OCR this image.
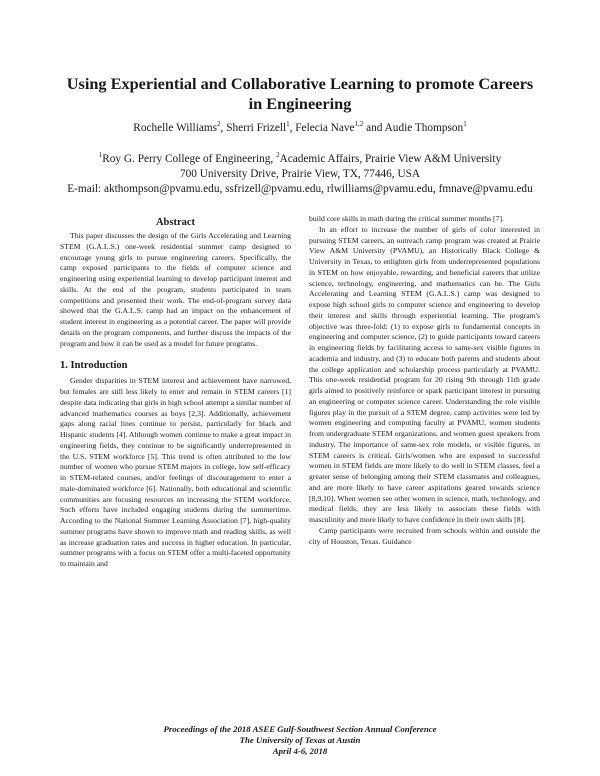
Using Experiential and Collaborative Learning to promote Careers in Engineering
Rochelle Williams$^2$, Sherri Frizell$^1$, Felecia Nave$^{1,2}$ and Audie Thompson$^1$
$^1$Roy G. Perry College of Engineering, $^2$Academic Affairs, Prairie View A&M University
700 University Drive, Prairie View, TX, 77446, USA
E-mail: akthompson@pvamu.edu, ssfrizell@pvamu.edu, rlwilliams@pvamu.edu, fmnave@pvamu.edu
Abstract

This paper discusses the design of the Girls Accelerating and Learning STEM (G.A.L.S.) one-week residential summer camp designed to encourage young girls to pursue engineering careers. Specifically, the camp exposed participants to the fields of computer science and engineering using experiential learning to develop participant interest and skills. At the end of the program, students participated in team competitions and presented their work. The end-of-program survey data showed that the G.A.L.S. camp had an impact on the enhancement of student interest in engineering as a potential career. The paper will provide details on the program components, and further discuss the impacts of the program and how it can be used as a model for future programs.

1. Introduction

Gender disparities in STEM interest and achievement have narrowed, but females are still less likely to enter and remain in STEM careers [1] despite data indicating that girls in high school attempt a similar number of advanced mathematics courses as boys [2,3]. Additionally, achievement gaps along racial lines continue to persist, particularly for black and Hispanic students [4]. Although women continue to make a great impact in engineering fields, they continue to be significantly underrepresented in the U.S. STEM workforce [5]. This trend is often attributed to the low number of women who pursue STEM majors in college, low self-efficacy in STEM-related courses, and/or feelings of discouragement to enter a male-dominated workforce [6]. Nationally, both educational and scientific communities are focusing resources on increasing the STEM workforce. Such efforts have included engaging students during the summertime. According to the National Summer Learning Association [7], high-quality summer programs have shown to improve math and reading skills, as well as increase graduation rates and success in higher education. In particular, summer programs with a focus on STEM offer a multi-faceted opportunity to maintain and

build core skills in math during the critical summer months [7].

In an effort to increase the number of girls of color interested in pursuing STEM careers, an outreach camp program was created at Prairie View A&M University (PVAMU), an Historically Black College & University in Texas, to enlighten girls from underrepresented populations in STEM on how enjoyable, rewarding, and beneficial careers that utilize science, technology, engineering, and mathematics can be. The Girls Accelerating and Learning STEM (G.A.L.S.) camp was designed to expose high school girls to computer science and engineering to develop their interest and skills through experiential learning. The program's objective was three-fold: (1) to expose girls to fundamental concepts in engineering and computer science, (2) to guide participants toward careers in engineering fields by facilitating access to same-sex visible figures in academia and industry, and (3) to educate both parents and students about the college application and scholarship process particularly at PVAMU. This one-week residential program for 20 rising 9th through 11th grade girls aimed to positively reinforce or spark participant interest in pursuing an engineering or computer science career. Understanding the role visible figures play in the pursuit of a STEM degree, camp activities were led by women engineering and computing faculty at PVAMU, women students from undergraduate STEM organizations, and women guest speakers from industry. The importance of same-sex role models, or visible figures, in STEM careers is critical. Girls/women who are exposed to successful women in STEM fields are more likely to do well in STEM classes, feel a greater sense of belonging among their STEM classmates and colleagues, and are more likely to have career aspirations geared towards science [8,9,10]. When women see other women in science, math, technology, and medical fields, they are less likely to associate these fields with masculinity and more likely to have confidence in their own skills [8].

Camp participants were recruited from schools within and outside the city of Houston, Texas. Guidance

Proceedings of the 2018 ASEE Gulf-Southwest Section Annual Conference
The University of Texas at Austin
April 4-6, 2018
